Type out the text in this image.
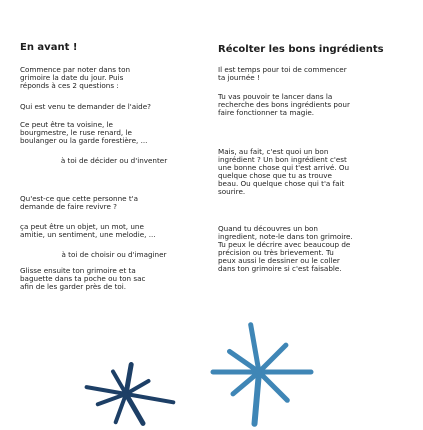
En avant !
Commence par noter dans ton
grimoire la date du jour. Puis
réponds à ces 2 questions :
Qui est venu te demander de l'aide?
Ce peut être ta voisine, le
bourgmestre, le ruse renard, le
boulanger ou la garde forestière, ...
à toi de décider ou d'inventer
Qu'est-ce que cette personne t'a
demande de faire revivre ?
ça peut être un objet, un mot, une
amitie, un sentiment, une melodie, ...
à toi de choisir ou d'imaginer
Glisse ensuite ton grimoire et ta
baguette dans ta poche ou ton sac
afin de les garder près de toi.
Récolter les bons ingrédients
Il est temps pour toi de commencer
ta journée !
Tu vas pouvoir te lancer dans la
recherche des bons ingrédients pour
faire fonctionner ta magie.
Mais, au fait, c'est quoi un bon
ingrédient ? Un bon ingrédient c'est
une bonne chose qui t'est arrivé. Ou
quelque chose que tu as trouve
beau. Ou quelque chose qui t'a fait
sourire.
Quand tu découvres un bon
ingredient, note-le dans ton grimoire.
Tu peux le décrire avec beaucoup de
précision ou très brievement. Tu
peux aussi le dessiner ou le coller
dans ton grimoire si c'est faisable.
